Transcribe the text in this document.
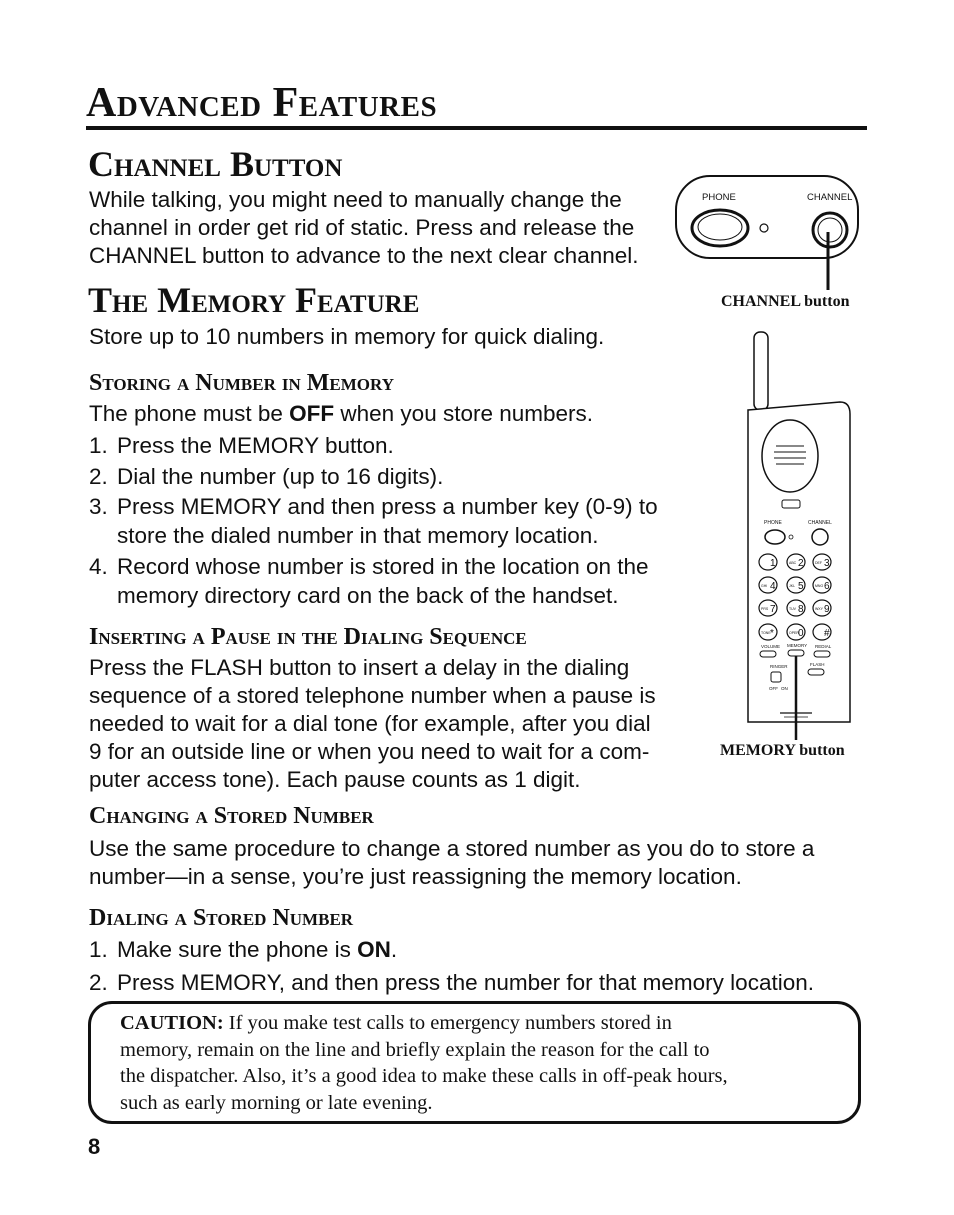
Advanced Features
Channel Button
While talking, you might need to manually change the
channel in order get rid of static. Press and release the
CHANNEL button to advance to the next clear channel.
The Memory Feature
Store up to 10 numbers in memory for quick dialing.
Storing a Number in Memory
The phone must be OFF when you store numbers.
1. Press the MEMORY button.
2. Dial the number (up to 16 digits).
3. Press MEMORY and then press a number key (0-9) to
store the dialed number in that memory location.
4. Record whose number is stored in the location on the
memory directory card on the back of the handset.
Inserting a Pause in the Dialing Sequence
Press the FLASH button to insert a delay in the dialing
sequence of a stored telephone number when a pause is
needed to wait for a dial tone (for example, after you dial
9 for an outside line or when you need to wait for a com-
puter access tone). Each pause counts as 1 digit.
Changing a Stored Number
Use the same procedure to change a stored number as you do to store a
number—in a sense, you’re just reassigning the memory location.
Dialing a Stored Number
1. Make sure the phone is ON.
2. Press MEMORY, and then press the number for that memory location.
CAUTION: If you make test calls to emergency numbers stored in
memory, remain on the line and briefly explain the reason for the call to
the dispatcher. Also, it’s a good idea to make these calls in off-peak hours,
such as early morning or late evening.
8
PHONE	CHANNEL
CHANNEL button
PHONE	CHANNEL
1 2
ABC	3
DEF
4
GHI	5
JKL	6
MNO
7
PRS	8
TUV	9
WXY
*
TONE	0
OPER	#
VOLUME MEMORY REDIAL
FLASH
RINGER
OFF ON
MEMORY button
